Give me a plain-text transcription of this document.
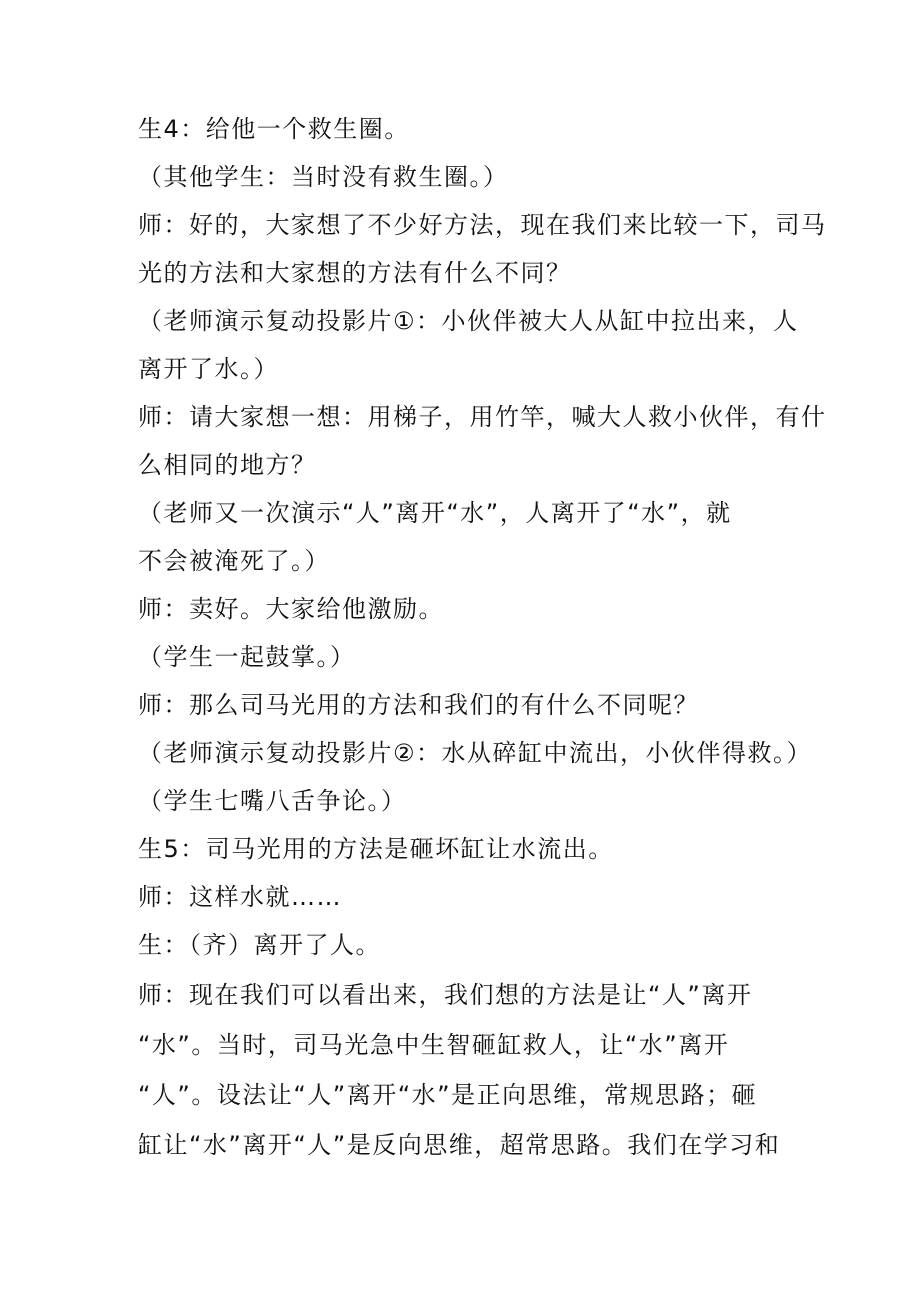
生4：给他一个救生圈。
（其他学生：当时没有救生圈。）
师：好的，大家想了不少好方法，现在我们来比较一下，司马
光的方法和大家想的方法有什么不同？
（老师演示复动投影片①：小伙伴被大人从缸中拉出来，人
离开了水。）
师：请大家想一想：用梯子，用竹竿，喊大人救小伙伴，有什
么相同的地方？
（老师又一次演示“人”离开“水”，人离开了“水”，就
不会被淹死了。）
师：卖好。大家给他激励。
（学生一起鼓掌。）
师：那么司马光用的方法和我们的有什么不同呢？
（老师演示复动投影片②：水从碎缸中流出，小伙伴得救。）
（学生七嘴八舌争论。）
生5：司马光用的方法是砸坏缸让水流出。
师：这样水就……
生：（齐）离开了人。
师：现在我们可以看出来，我们想的方法是让“人”离开
“水”。当时，司马光急中生智砸缸救人，让“水”离开
“人”。设法让“人”离开“水”是正向思维，常规思路；砸
缸让“水”离开“人”是反向思维，超常思路。我们在学习和
